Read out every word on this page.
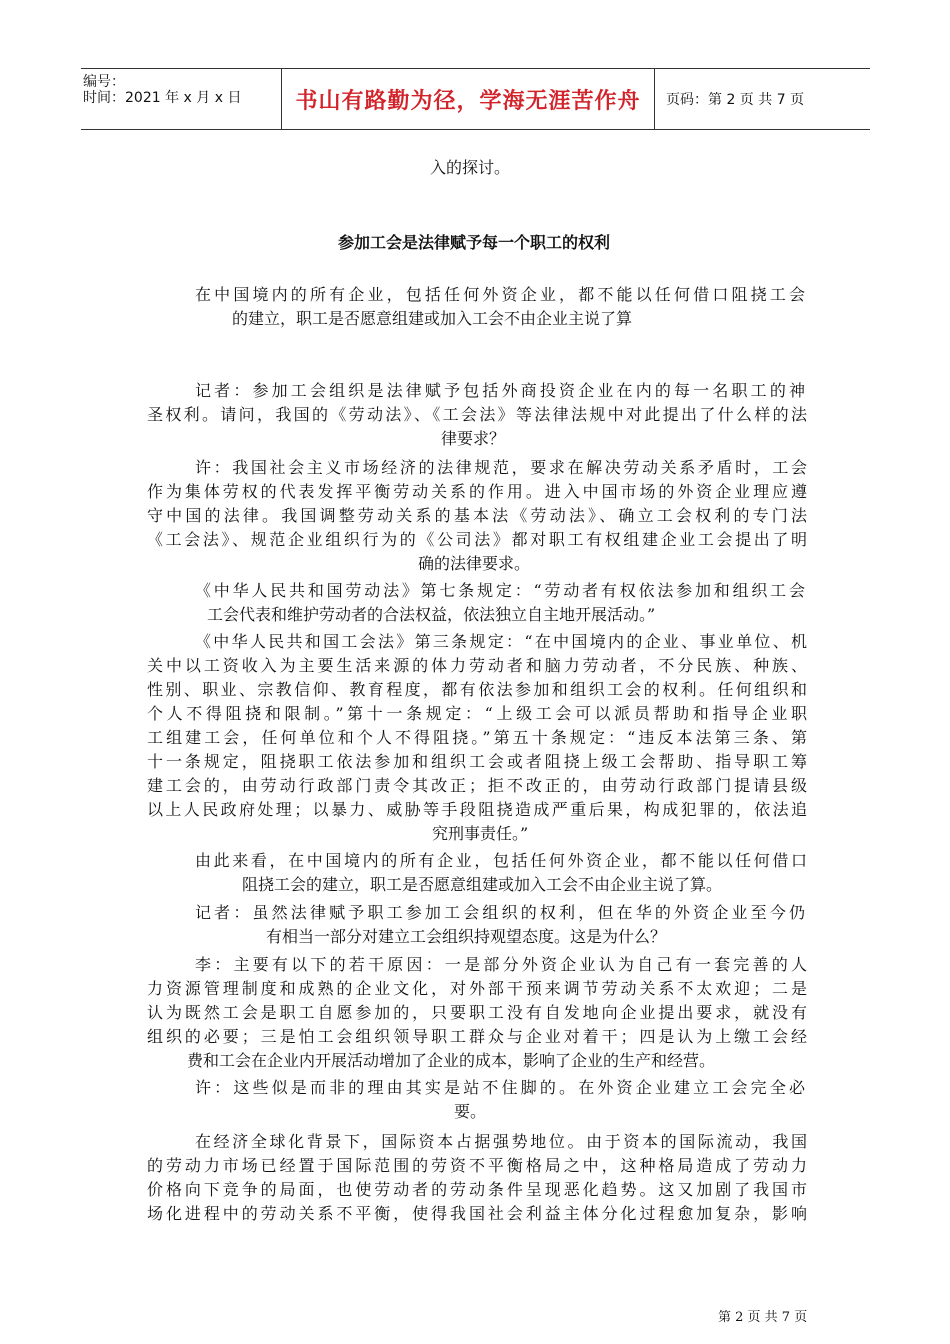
编号：
时间：2021 年 x 月 x 日 书山有路勤为径，学海无涯苦作舟	页码：第 2 页 共 7 页
入的探讨。
参加工会是法律赋予每一个职工的权利
在中国境内的所有企业，包括任何外资企业，都不能以任何借口阻挠工会
的建立，职工是否愿意组建或加入工会不由企业主说了算
记者：参加工会组织是法律赋予包括外商投资企业在内的每一名职工的神
圣权利。请问，我国的《劳动法》、《工会法》等法律法规中对此提出了什么样的法
律要求？
许：我国社会主义市场经济的法律规范，要求在解决劳动关系矛盾时，工会
作为集体劳权的代表发挥平衡劳动关系的作用。进入中国市场的外资企业理应遵
守中国的法律。我国调整劳动关系的基本法《劳动法》、确立工会权利的专门法
《工会法》、规范企业组织行为的《公司法》都对职工有权组建企业工会提出了明
确的法律要求。
《中华人民共和国劳动法》第七条规定：“劳动者有权依法参加和组织工会
工会代表和维护劳动者的合法权益，依法独立自主地开展活动。”
《中华人民共和国工会法》第三条规定：“在中国境内的企业、事业单位、机
关中以工资收入为主要生活来源的体力劳动者和脑力劳动者，不分民族、种族、
性别、职业、宗教信仰、教育程度，都有依法参加和组织工会的权利。任何组织和
个人不得阻挠和限制。”第十一条规定：“上级工会可以派员帮助和指导企业职
工组建工会，任何单位和个人不得阻挠。”第五十条规定：“违反本法第三条、第
十一条规定，阻挠职工依法参加和组织工会或者阻挠上级工会帮助、指导职工筹
建工会的，由劳动行政部门责令其改正；拒不改正的，由劳动行政部门提请县级
以上人民政府处理；以暴力、威胁等手段阻挠造成严重后果，构成犯罪的，依法追
究刑事责任。”
由此来看，在中国境内的所有企业，包括任何外资企业，都不能以任何借口
阻挠工会的建立，职工是否愿意组建或加入工会不由企业主说了算。
记者：虽然法律赋予职工参加工会组织的权利，但在华的外资企业至今仍
有相当一部分对建立工会组织持观望态度。这是为什么？
李：主要有以下的若干原因：一是部分外资企业认为自己有一套完善的人
力资源管理制度和成熟的企业文化，对外部干预来调节劳动关系不太欢迎；二是
认为既然工会是职工自愿参加的，只要职工没有自发地向企业提出要求，就没有
组织的必要；三是怕工会组织领导职工群众与企业对着干；四是认为上缴工会经
费和工会在企业内开展活动增加了企业的成本，影响了企业的生产和经营。
许：这些似是而非的理由其实是站不住脚的。在外资企业建立工会完全必
要。
在经济全球化背景下，国际资本占据强势地位。由于资本的国际流动，我国
的劳动力市场已经置于国际范围的劳资不平衡格局之中，这种格局造成了劳动力
价格向下竞争的局面，也使劳动者的劳动条件呈现恶化趋势。这又加剧了我国市
场化进程中的劳动关系不平衡，使得我国社会利益主体分化过程愈加复杂，影响
第 2 页 共 7 页
